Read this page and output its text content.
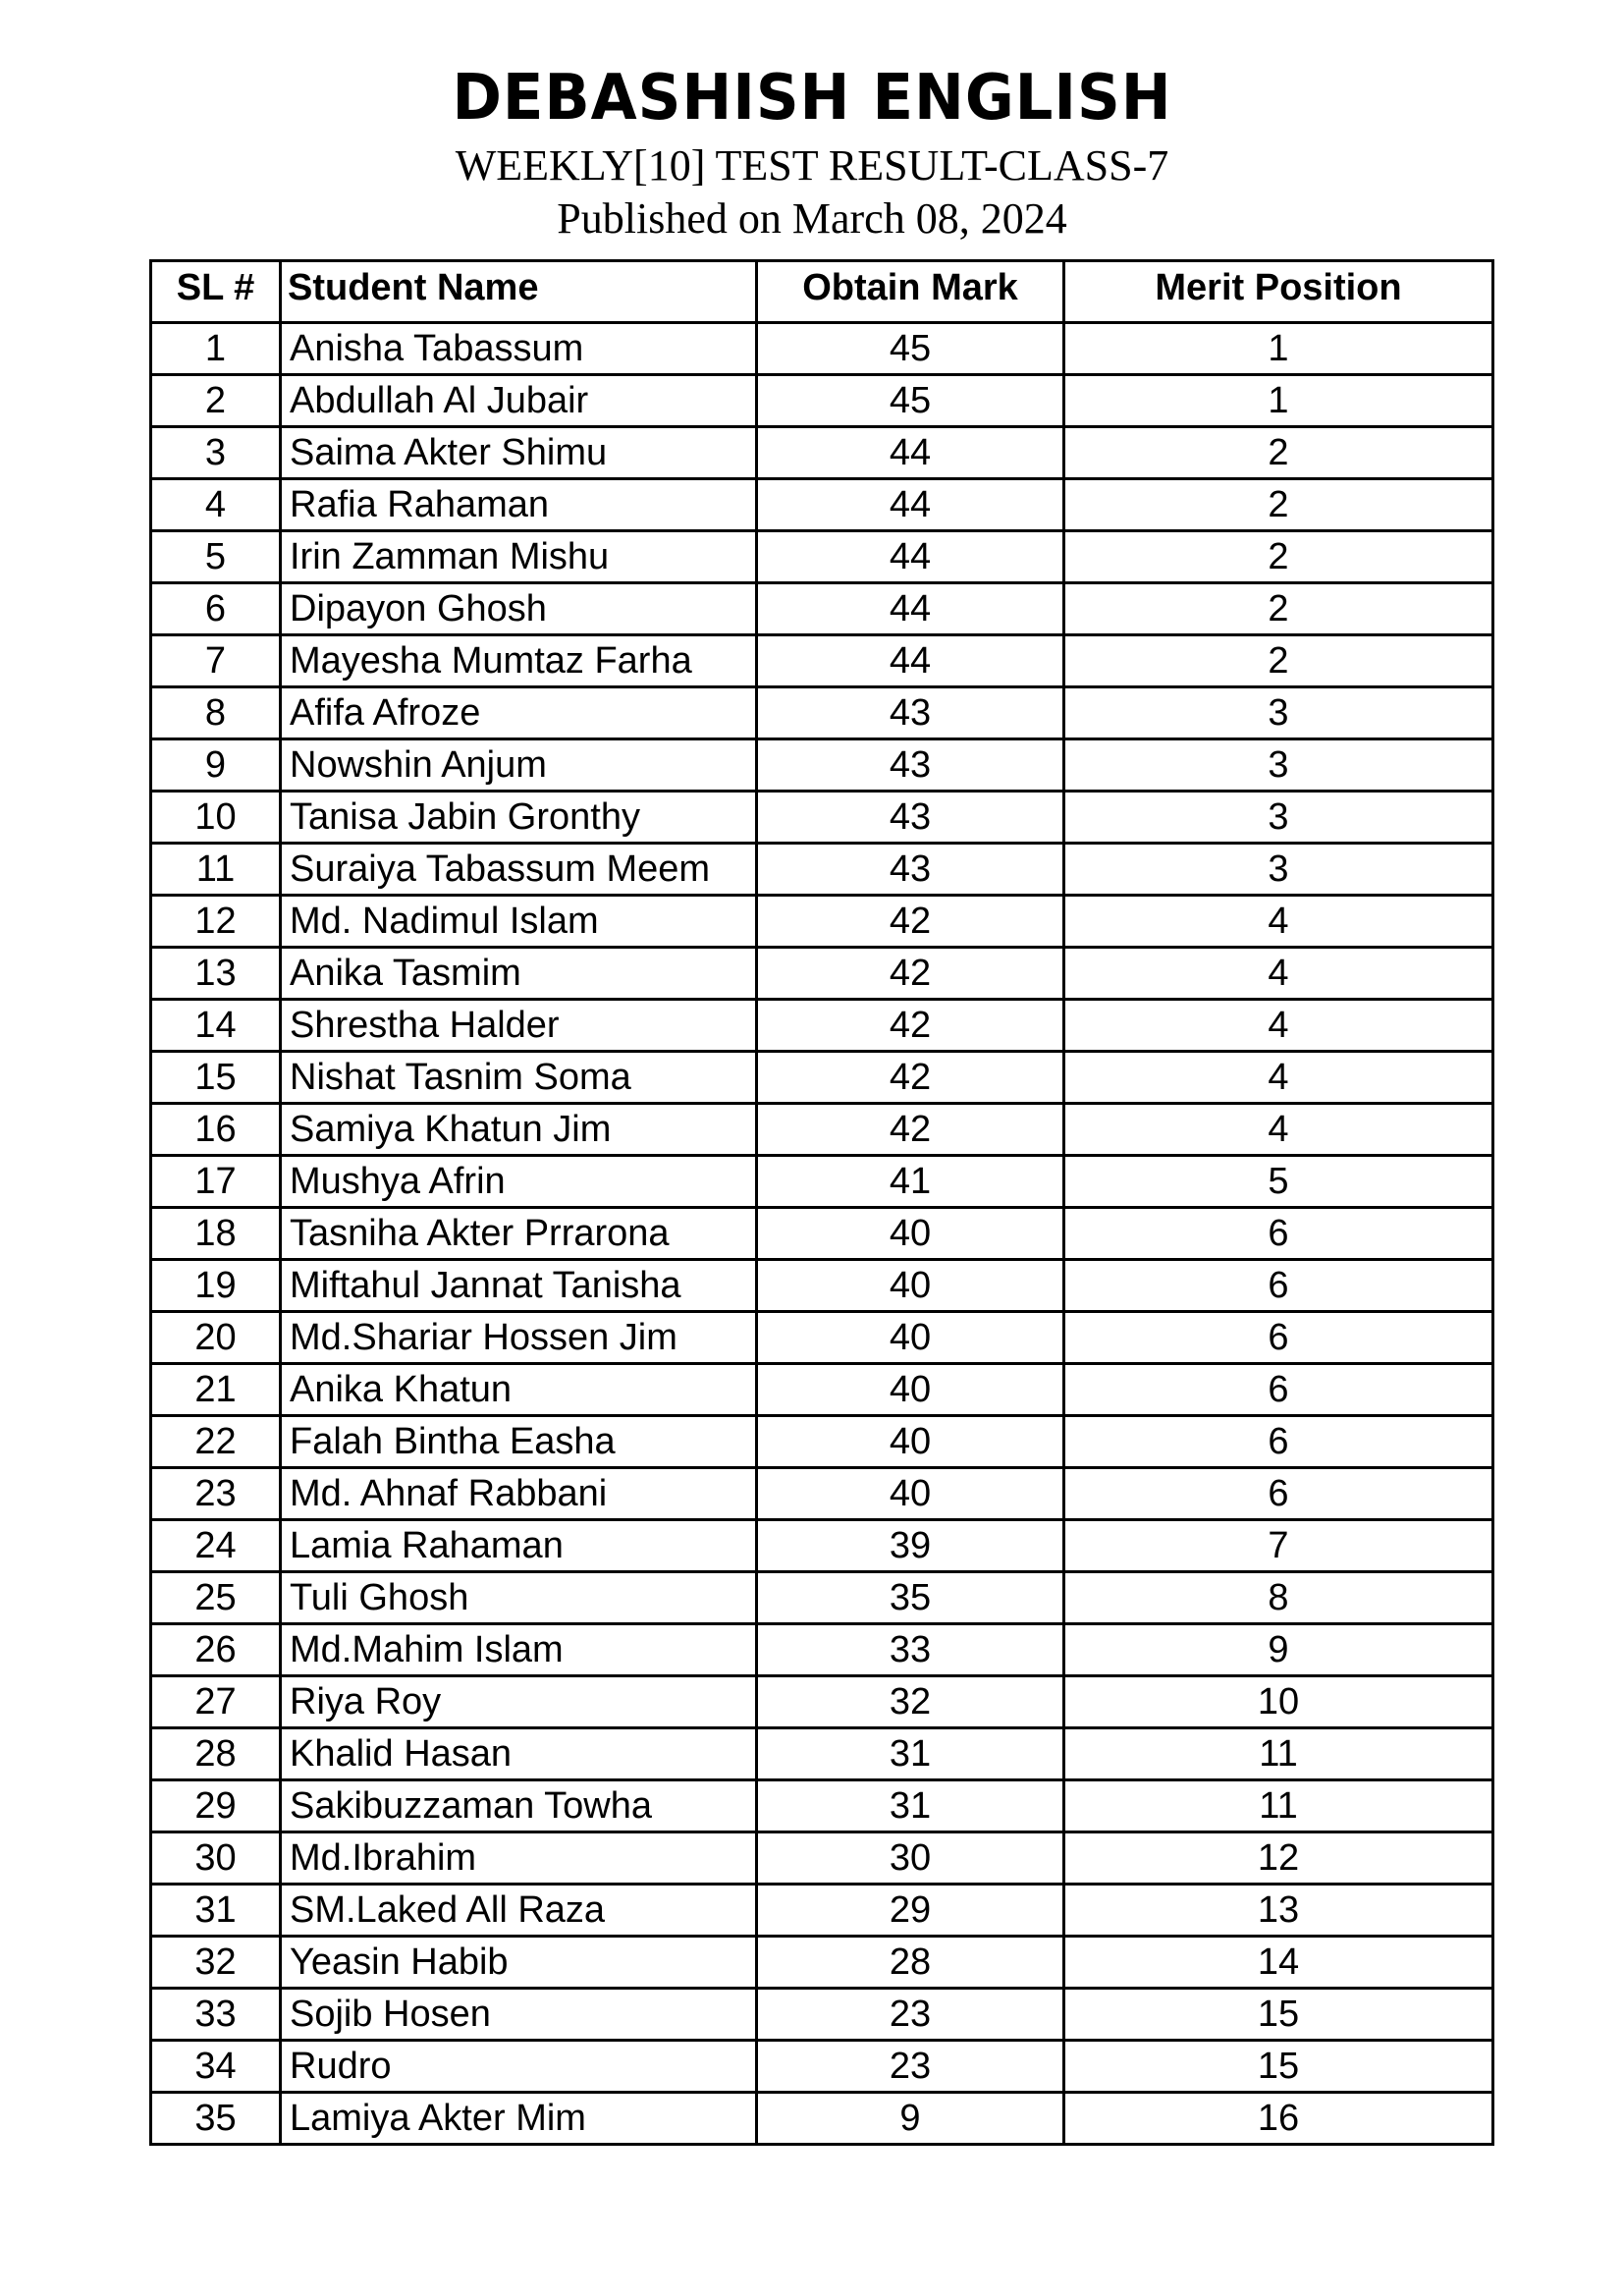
DEBASHISH ENGLISH
WEEKLY[10] TEST RESULT-CLASS-7
Published on March 08, 2024
SL #	Student Name	Obtain Mark	Merit Position
1	Anisha Tabassum	45	1
2	Abdullah Al Jubair	45	1
3	Saima Akter Shimu	44	2
4	Rafia Rahaman	44	2
5	Irin Zamman Mishu	44	2
6	Dipayon Ghosh	44	2
7	Mayesha Mumtaz Farha	44	2
8	Afifa Afroze	43	3
9	Nowshin Anjum	43	3
10	Tanisa Jabin Gronthy	43	3
11	Suraiya Tabassum Meem	43	3
12	Md. Nadimul Islam	42	4
13	Anika Tasmim	42	4
14	Shrestha Halder	42	4
15	Nishat Tasnim Soma	42	4
16	Samiya Khatun Jim	42	4
17	Mushya Afrin	41	5
18	Tasniha Akter Prrarona	40	6
19	Miftahul Jannat Tanisha	40	6
20	Md.Shariar Hossen Jim	40	6
21	Anika Khatun	40	6
22	Falah Bintha Easha	40	6
23	Md. Ahnaf Rabbani	40	6
24	Lamia Rahaman	39	7
25	Tuli Ghosh	35	8
26	Md.Mahim Islam	33	9
27	Riya Roy	32	10
28	Khalid Hasan	31	11
29	Sakibuzzaman Towha	31	11
30	Md.Ibrahim	30	12
31	SM.Laked All Raza	29	13
32	Yeasin Habib	28	14
33	Sojib Hosen	23	15
34	Rudro	23	15
35	Lamiya Akter Mim	9	16
